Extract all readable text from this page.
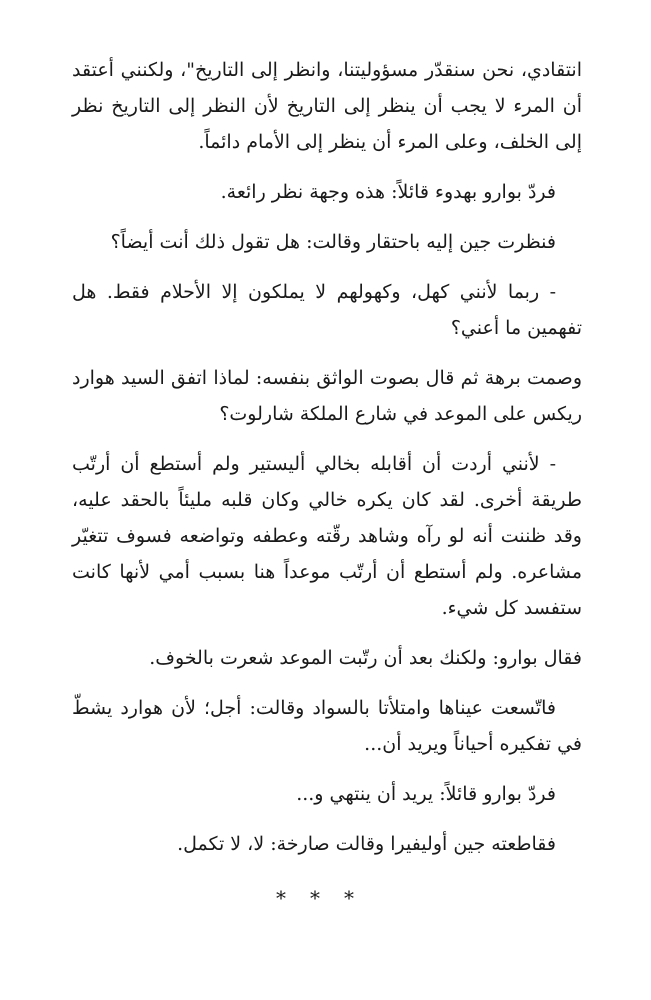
انتقادي، نحن سنقدّر مسؤوليتنا، وانظر إلى التاريخ"، ولكنني أعتقد أن المرء لا يجب أن ينظر إلى التاريخ لأن النظر إلى التاريخ نظر إلى الخلف، وعلى المرء أن ينظر إلى الأمام دائماً.

فردّ بوارو بهدوء قائلاً: هذه وجهة نظر رائعة.

فنظرت جين إليه باحتقار وقالت: هل تقول ذلك أنت أيضاً؟

- ربما لأنني كهل، وكهولهم لا يملكون إلا الأحلام فقط. هل تفهمين ما أعني؟

وصمت برهة ثم قال بصوت الواثق بنفسه: لماذا اتفق السيد هوارد ريكس على الموعد في شارع الملكة شارلوت؟

- لأنني أردت أن أقابله بخالي أليستير ولم أستطع أن أرتّب طريقة أخرى. لقد كان يكره خالي وكان قلبه مليئاً بالحقد عليه، وقد ظننت أنه لو رآه وشاهد رقّته وعطفه وتواضعه فسوف تتغيّر مشاعره. ولم أستطع أن أرتّب موعداً هنا بسبب أمي لأنها كانت ستفسد كل شيء.

فقال بوارو: ولكنك بعد أن رتّبت الموعد شعرت بالخوف.

فاتّسعت عيناها وامتلأتا بالسواد وقالت: أجل؛ لأن هوارد يشطّ في تفكيره أحياناً ويريد أن...

فردّ بوارو قائلاً: يريد أن ينتهي و...

فقاطعته جين أوليفيرا وقالت صارخة: لا، لا تكمل.

***
